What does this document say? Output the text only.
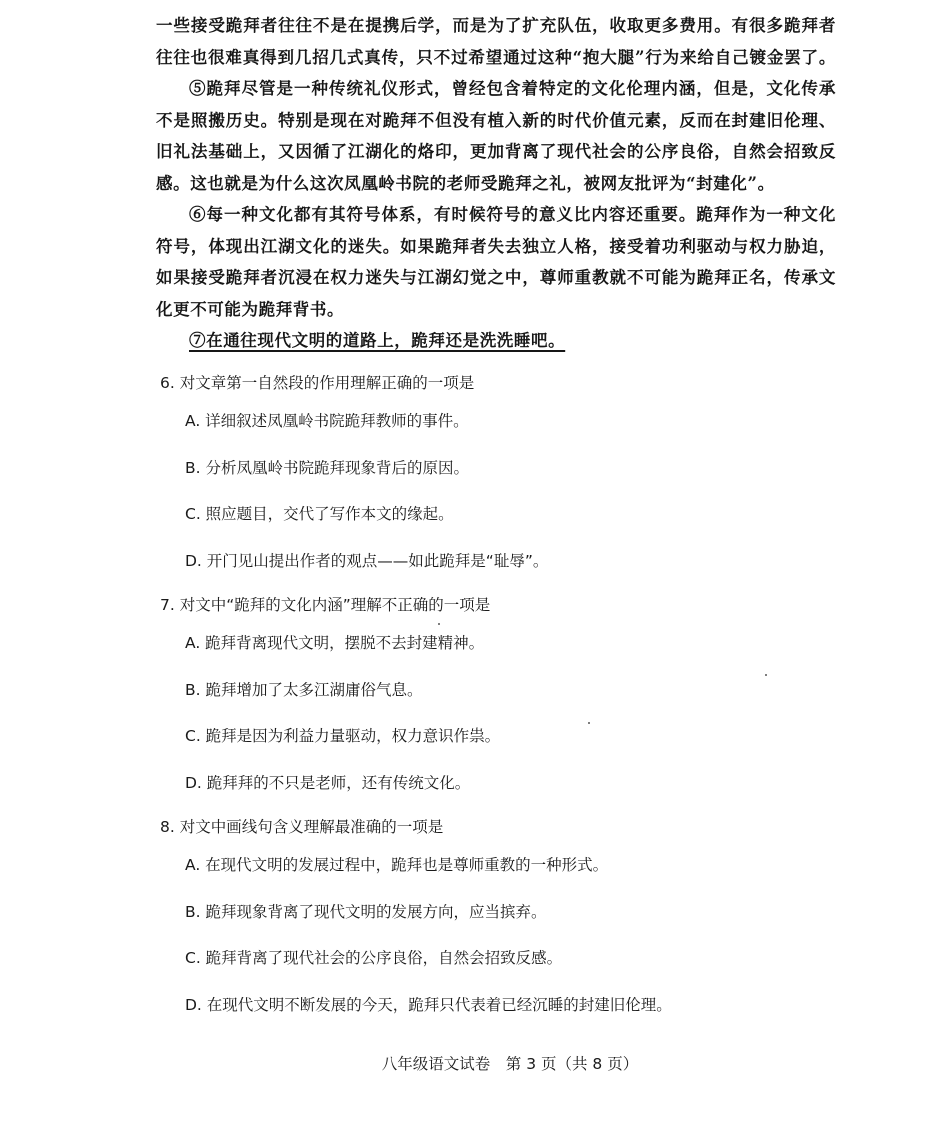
一些接受跪拜者往往不是在提携后学，而是为了扩充队伍，收取更多费用。有很多跪拜者
往往也很难真得到几招几式真传，只不过希望通过这种“抱大腿”行为来给自己镀金罢了。
⑤跪拜尽管是一种传统礼仪形式，曾经包含着特定的文化伦理内涵，但是，文化传承
不是照搬历史。特别是现在对跪拜不但没有植入新的时代价值元素，反而在封建旧伦理、
旧礼法基础上，又因循了江湖化的烙印，更加背离了现代社会的公序良俗，自然会招致反
感。这也就是为什么这次凤凰岭书院的老师受跪拜之礼，被网友批评为“封建化”。
⑥每一种文化都有其符号体系，有时候符号的意义比内容还重要。跪拜作为一种文化
符号，体现出江湖文化的迷失。如果跪拜者失去独立人格，接受着功利驱动与权力胁迫，
如果接受跪拜者沉浸在权力迷失与江湖幻觉之中，尊师重教就不可能为跪拜正名，传承文
化更不可能为跪拜背书。
⑦在通往现代文明的道路上，跪拜还是洗洗睡吧。
6. 对文章第一自然段的作用理解正确的一项是
A. 详细叙述凤凰岭书院跪拜教师的事件。
B. 分析凤凰岭书院跪拜现象背后的原因。
C. 照应题目，交代了写作本文的缘起。
D. 开门见山提出作者的观点——如此跪拜是“耻辱”。
7. 对文中“跪拜的文化内涵”理解不正确的一项是
A. 跪拜背离现代文明，摆脱不去封建精神。
B. 跪拜增加了太多江湖庸俗气息。
C. 跪拜是因为利益力量驱动，权力意识作祟。
D. 跪拜拜的不只是老师，还有传统文化。
8. 对文中画线句含义理解最准确的一项是
A. 在现代文明的发展过程中，跪拜也是尊师重教的一种形式。
B. 跪拜现象背离了现代文明的发展方向，应当摈弃。
C. 跪拜背离了现代社会的公序良俗，自然会招致反感。
D. 在现代文明不断发展的今天，跪拜只代表着已经沉睡的封建旧伦理。
八年级语文试卷　第 3 页（共 8 页）
